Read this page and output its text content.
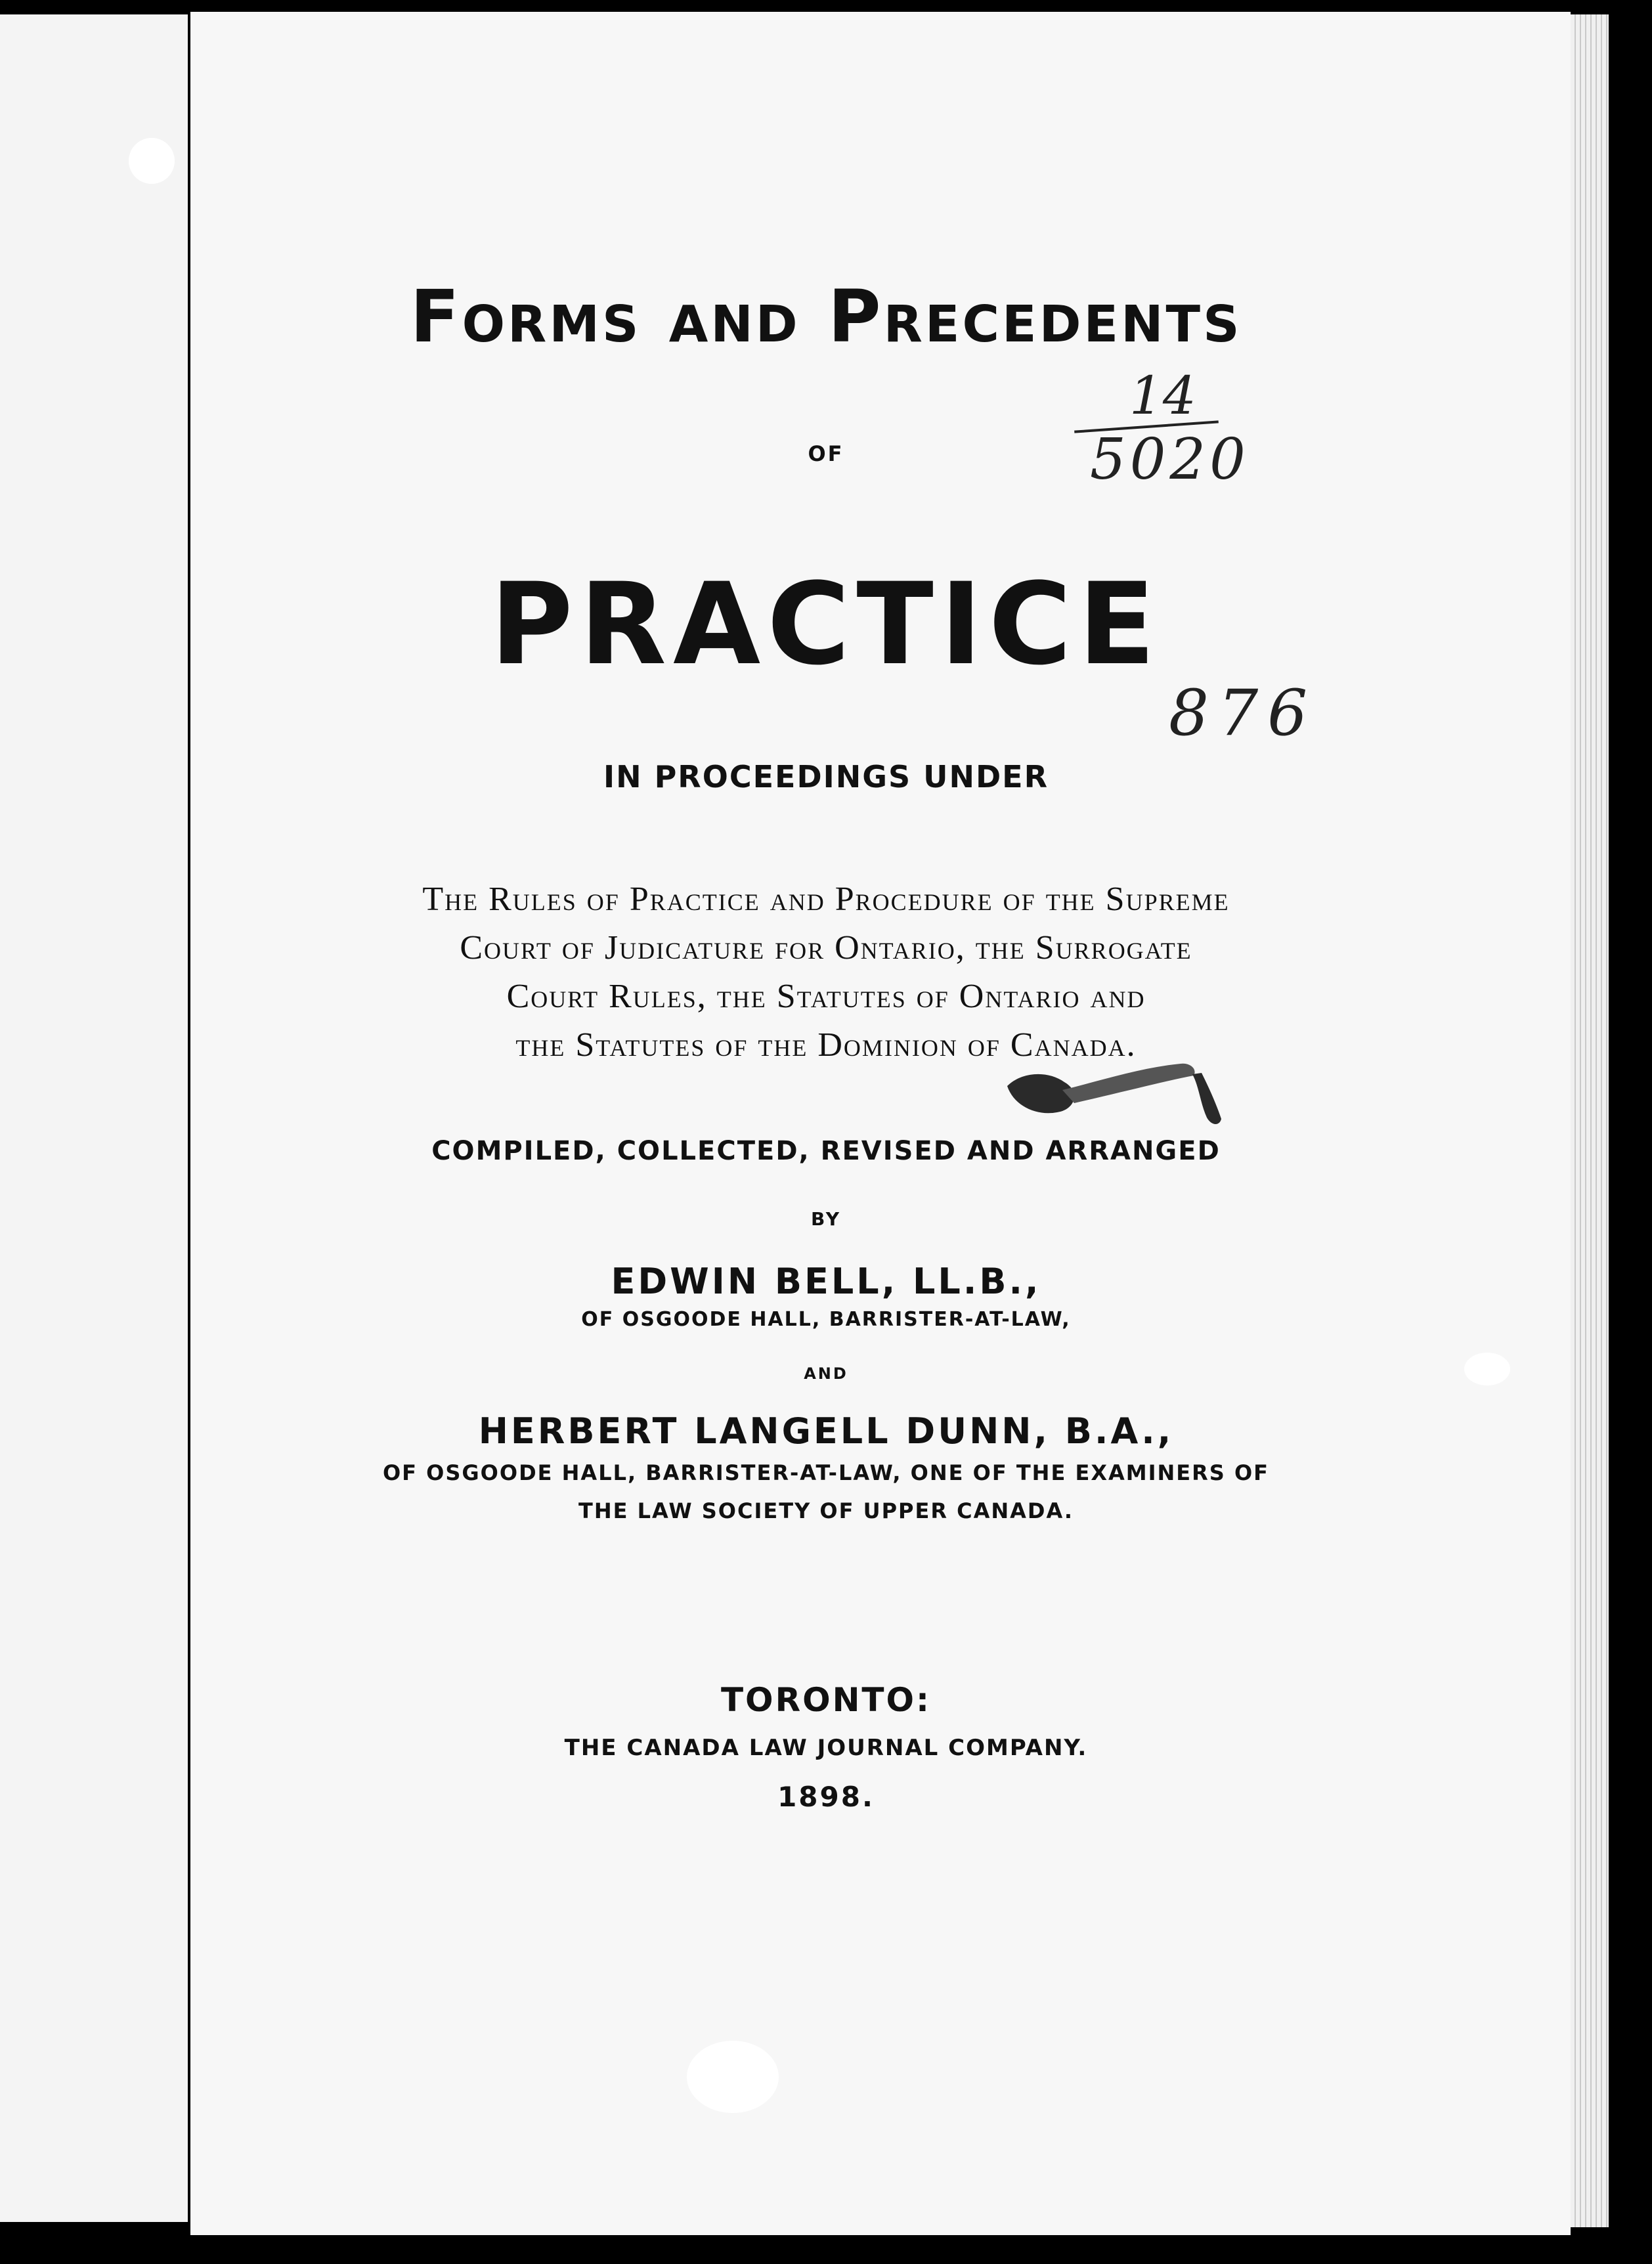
Forms and Precedents
OF
PRACTICE
IN PROCEEDINGS UNDER
The Rules of Practice and Procedure of the Supreme
Court of Judicature for Ontario, the Surrogate
Court Rules, the Statutes of Ontario and
the Statutes of the Dominion of Canada.
COMPILED, COLLECTED, REVISED AND ARRANGED
BY
EDWIN BELL, LL.B.,
OF OSGOODE HALL, BARRISTER-AT-LAW,
AND
HERBERT LANGELL DUNN, B.A.,
OF OSGOODE HALL, BARRISTER-AT-LAW, ONE OF THE EXAMINERS OF
THE LAW SOCIETY OF UPPER CANADA.
TORONTO:
THE CANADA LAW JOURNAL COMPANY.
1898.
14
5020
876
